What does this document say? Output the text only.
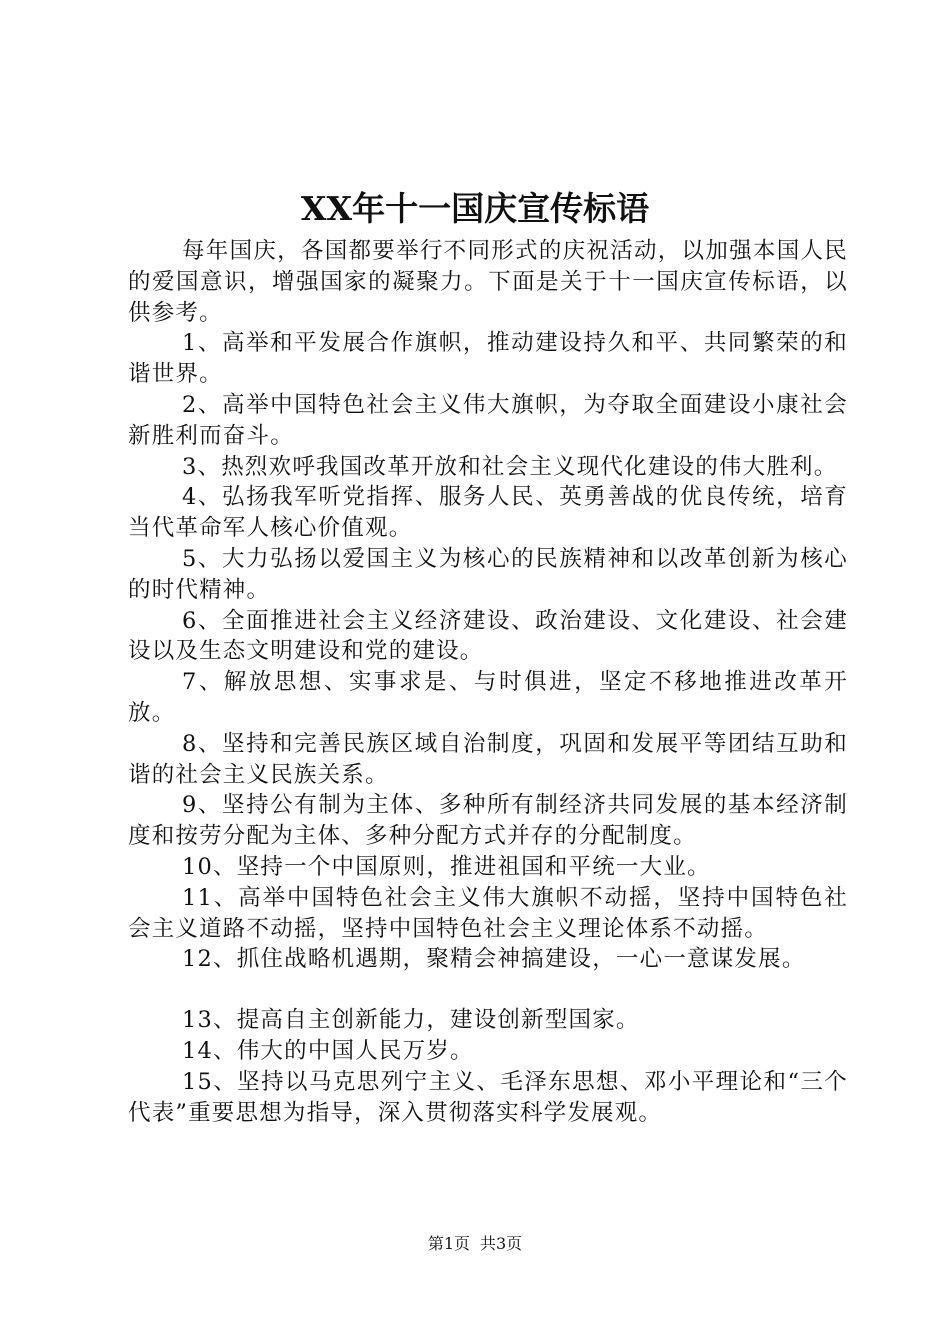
XX年十一国庆宣传标语

每年国庆，各国都要举行不同形式的庆祝活动，以加强本国人民的爱国意识，增强国家的凝聚力。下面是关于十一国庆宣传标语，以供参考。

1、高举和平发展合作旗帜，推动建设持久和平、共同繁荣的和谐世界。

2、高举中国特色社会主义伟大旗帜，为夺取全面建设小康社会新胜利而奋斗。

3、热烈欢呼我国改革开放和社会主义现代化建设的伟大胜利。

4、弘扬我军听党指挥、服务人民、英勇善战的优良传统，培育当代革命军人核心价值观。

5、大力弘扬以爱国主义为核心的民族精神和以改革创新为核心的时代精神。

6、全面推进社会主义经济建设、政治建设、文化建设、社会建设以及生态文明建设和党的建设。

7、解放思想、实事求是、与时俱进，坚定不移地推进改革开放。

8、坚持和完善民族区域自治制度，巩固和发展平等团结互助和谐的社会主义民族关系。

9、坚持公有制为主体、多种所有制经济共同发展的基本经济制度和按劳分配为主体、多种分配方式并存的分配制度。

10、坚持一个中国原则，推进祖国和平统一大业。

11、高举中国特色社会主义伟大旗帜不动摇，坚持中国特色社会主义道路不动摇，坚持中国特色社会主义理论体系不动摇。

12、抓住战略机遇期，聚精会神搞建设，一心一意谋发展。

13、提高自主创新能力，建设创新型国家。

14、伟大的中国人民万岁。

15、坚持以马克思列宁主义、毛泽东思想、邓小平理论和“三个代表”重要思想为指导，深入贯彻落实科学发展观。

第1页 共3页
